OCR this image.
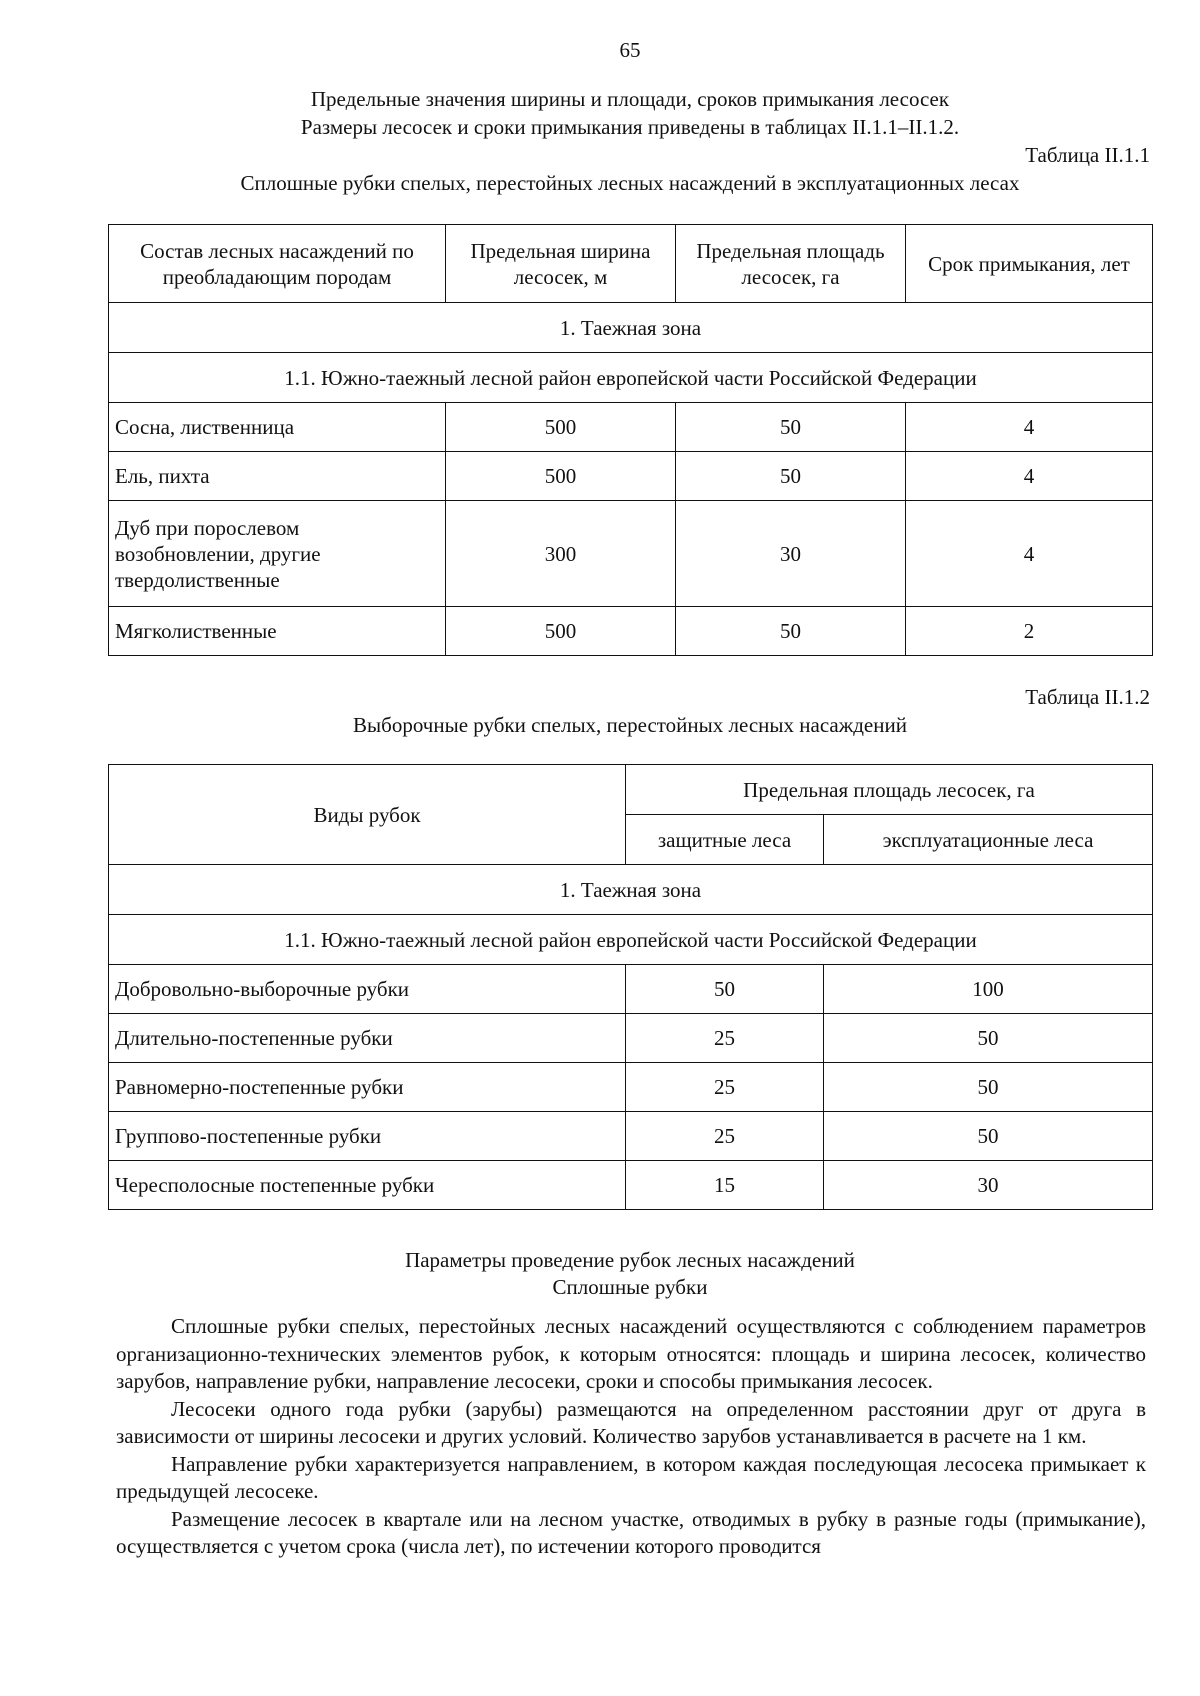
65
Предельные значения ширины и площади, сроков примыкания лесосек
Размеры лесосек и сроки примыкания приведены в таблицах II.1.1–II.1.2.
Таблица II.1.1
Сплошные рубки спелых, перестойных лесных насаждений в эксплуатационных лесах
Состав лесных насаждений по преобладающим породам	Предельная ширина лесосек, м	Предельная площадь лесосек, га	Срок примыкания, лет
1. Таежная зона			
1.1. Южно-таежный лесной район европейской части Российской Федерации			
Сосна, лиственница	500	50	4
Ель, пихта	500	50	4
Дуб при порослевом возобновлении, другие твердолиственные	300	30	4
Мягколиственные	500	50	2
Таблица II.1.2
Выборочные рубки спелых, перестойных лесных насаждений
Виды рубок	Предельная площадь лесосек, га	
	защитные леса	эксплуатационные леса
1. Таежная зона		
1.1. Южно-таежный лесной район европейской части Российской Федерации		
Добровольно-выборочные рубки	50	100
Длительно-постепенные рубки	25	50
Равномерно-постепенные рубки	25	50
Группово-постепенные рубки	25	50
Чересполосные постепенные рубки	15	30
Параметры проведение рубок лесных насаждений
Сплошные рубки

Сплошные рубки спелых, перестойных лесных насаждений осуществляются с соблюдением параметров организационно-технических элементов рубок, к которым относятся: площадь и ширина лесосек, количество зарубов, направление рубки, направление лесосеки, сроки и способы примыкания лесосек.

Лесосеки одного года рубки (зарубы) размещаются на определенном расстоянии друг от друга в зависимости от ширины лесосеки и других условий. Количество зарубов устанавливается в расчете на 1 км.

Направление рубки характеризуется направлением, в котором каждая последующая лесосека примыкает к предыдущей лесосеке.

Размещение лесосек в квартале или на лесном участке, отводимых в рубку в разные годы (примыкание), осуществляется с учетом срока (числа лет), по истечении которого проводится
